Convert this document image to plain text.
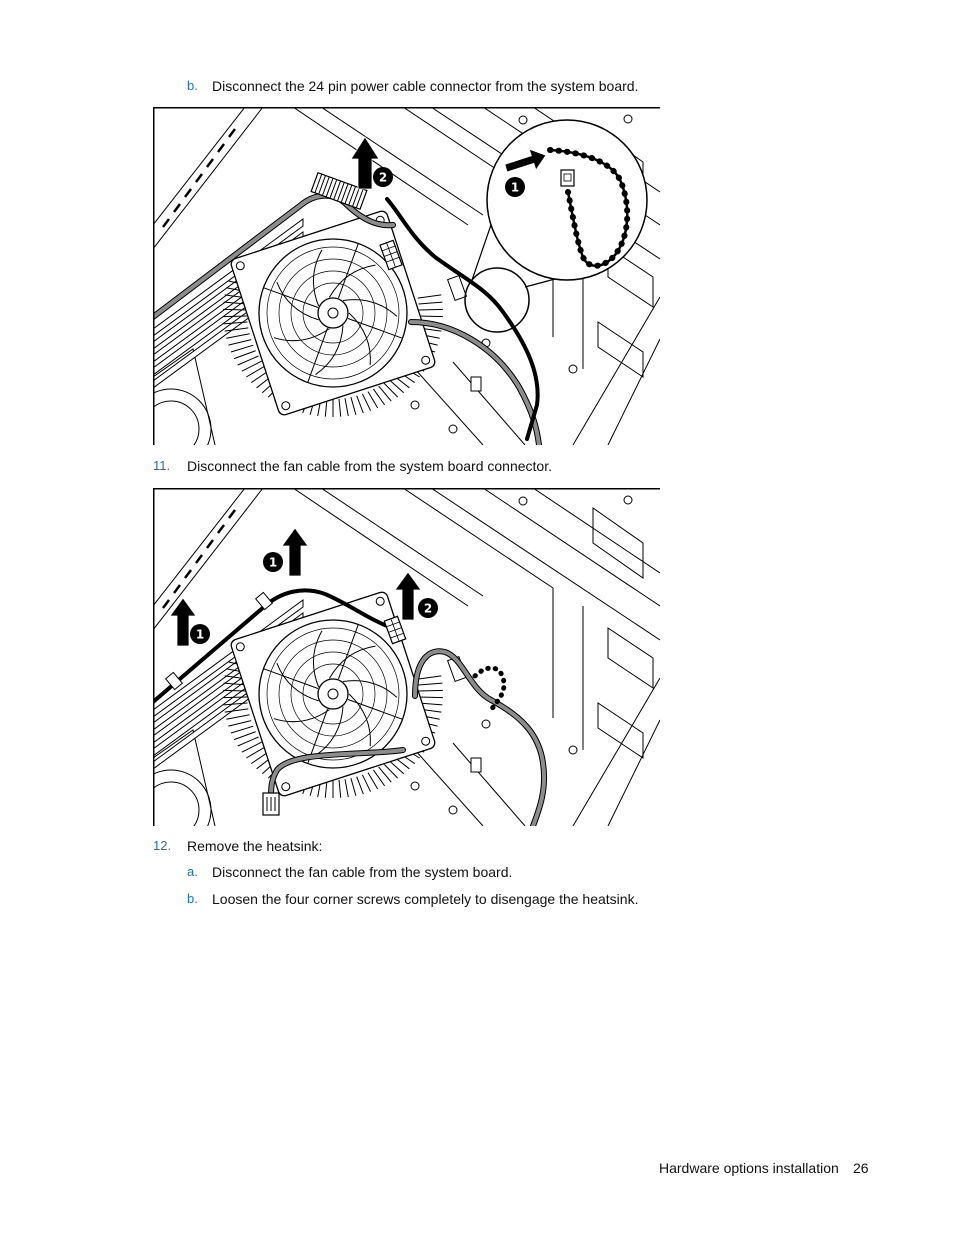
b. Disconnect the 24 pin power cable connector from the system board.
2
1
11. Disconnect the fan cable from the system board connector.
1
1
2
12. Remove the heatsink:
a. Disconnect the fan cable from the system board.
b. Loosen the four corner screws completely to disengage the heatsink.
Hardware options installation 26
